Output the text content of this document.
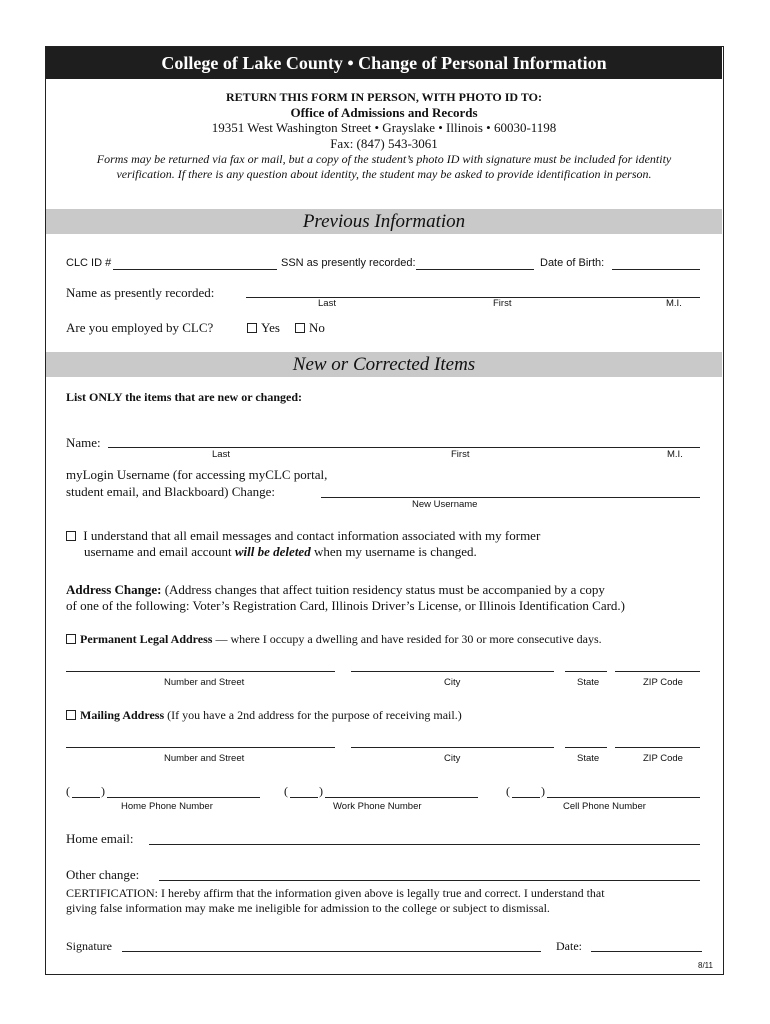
College of Lake County • Change of Personal Information
RETURN THIS FORM IN PERSON, WITH PHOTO ID TO:
Office of Admissions and Records
19351 West Washington Street • Grayslake • Illinois • 60030-1198
Fax: (847) 543-3061
Forms may be returned via fax or mail, but a copy of the student’s photo ID with signature must be included for identity
verification. If there is any question about identity, the student may be asked to provide identification in person.
Previous Information
CLC ID #	SSN as presently recorded:	Date of Birth:
Name as presently recorded:
Last	First	M.I.
Are you employed by CLC?	Yes	No
New or Corrected Items
List ONLY the items that are new or changed:
Name:
Last	First	M.I.
myLogin Username (for accessing myCLC portal,
student email, and Blackboard) Change:
New Username
I understand that all email messages and contact information associated with my former
username and email account will be deleted when my username is changed.
Address Change: (Address changes that affect tuition residency status must be accompanied by a copy
of one of the following: Voter’s Registration Card, Illinois Driver’s License, or Illinois Identification Card.)
Permanent Legal Address — where I occupy a dwelling and have resided for 30 or more consecutive days.
Number and Street	City	State	ZIP Code
Mailing Address (If you have a 2nd address for the purpose of receiving mail.)
Number and Street	City	State	ZIP Code
(	)
Home Phone Number
(	)
Work Phone Number
(	)
Cell Phone Number
Home email:
Other change:
CERTIFICATION: I hereby affirm that the information given above is legally true and correct. I understand that
giving false information may make me ineligible for admission to the college or subject to dismissal.
Signature	Date:
8/11
